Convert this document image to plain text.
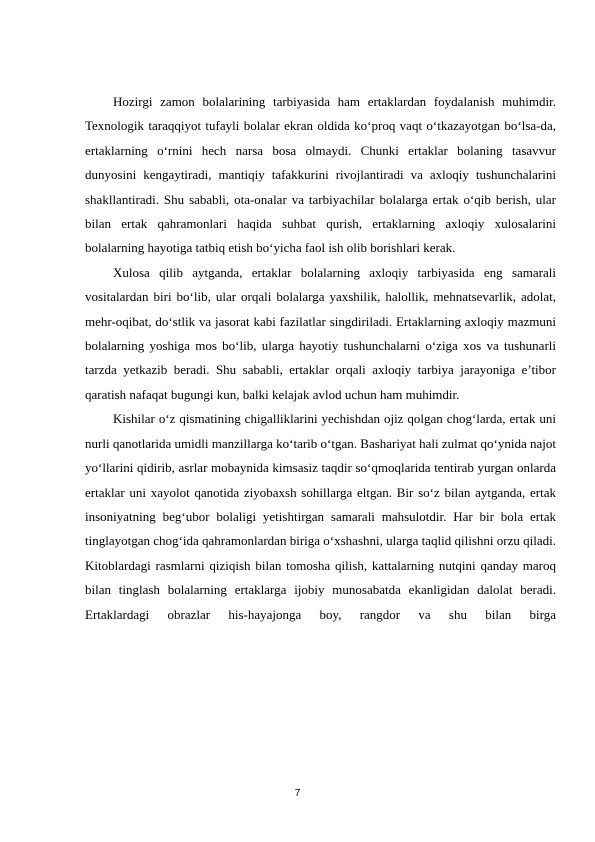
Hozirgi zamon bolalarining tarbiyasida ham ertaklardan foydalanish muhimdir. Texnologik taraqqiyot tufayli bolalar ekran oldida ko‘proq vaqt o‘tkazayotgan bo‘lsa-da, ertaklarning o‘rnini hech narsa bosa olmaydi. Chunki ertaklar bolaning tasavvur dunyosini kengaytiradi, mantiqiy tafakkurini rivojlantiradi va axloqiy tushunchalarini shakllantiradi. Shu sababli, ota-onalar va tarbiyachilar bolalarga ertak o‘qib berish, ular bilan ertak qahramonlari haqida suhbat qurish, ertaklarning axloqiy xulosalarini bolalarning hayotiga tatbiq etish bo‘yicha faol ish olib borishlari kerak.

Xulosa qilib aytganda, ertaklar bolalarning axloqiy tarbiyasida eng samarali vositalardan biri bo‘lib, ular orqali bolalarga yaxshilik, halollik, mehnatsevarlik, adolat, mehr-oqibat, do‘stlik va jasorat kabi fazilatlar singdiriladi. Ertaklarning axloqiy mazmuni bolalarning yoshiga mos bo‘lib, ularga hayotiy tushunchalarni o‘ziga xos va tushunarli tarzda yetkazib beradi. Shu sababli, ertaklar orqali axloqiy tarbiya jarayoniga e’tibor qaratish nafaqat bugungi kun, balki kelajak avlod uchun ham muhimdir.

Kishilar o‘z qismatining chigalliklarini yechishdan ojiz qolgan chog‘larda, ertak uni nurli qanotlarida umidli manzillarga ko‘tarib o‘tgan. Bashariyat hali zulmat qo‘ynida najot yo‘llarini qidirib, asrlar mobaynida kimsasiz taqdir so‘qmoqlarida tentirab yurgan onlarda ertaklar uni xayolot qanotida ziyobaxsh sohillarga eltgan. Bir so‘z bilan aytganda, ertak insoniyatning beg‘ubor bolaligi yetishtirgan samarali mahsulotdir. Har bir bola ertak tinglayotgan chog‘ida qahramonlardan biriga o‘xshashni, ularga taqlid qilishni orzu qiladi. Kitoblardagi rasmlarni qiziqish bilan tomosha qilish, kattalarning nutqini qanday maroq bilan tinglash bolalarning ertaklarga ijobiy munosabatda ekanligidan dalolat beradi. Ertaklardagi obrazlar his-hayajonga boy, rangdor va shu bilan birga

7
